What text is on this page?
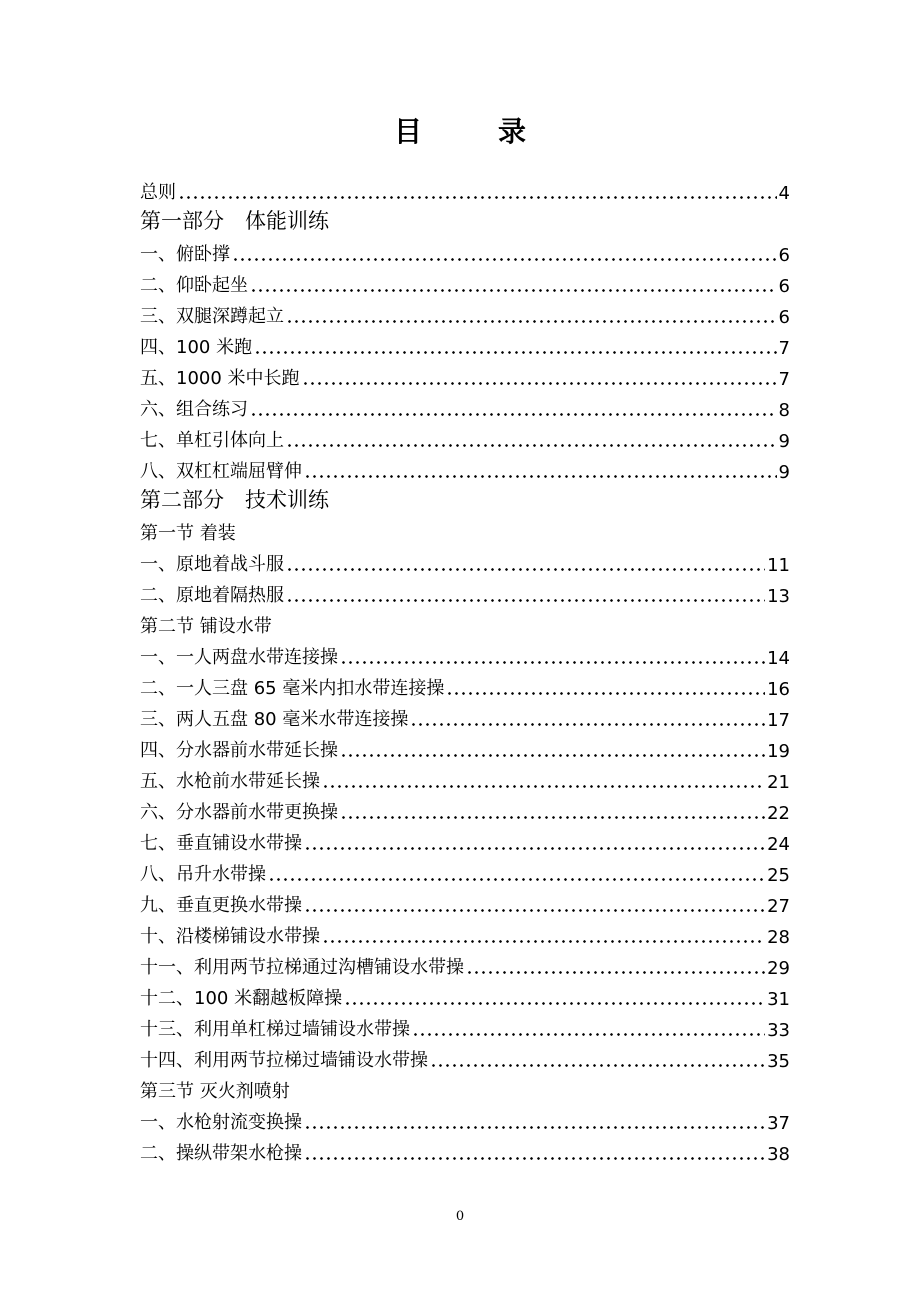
目　录
总则	4
第一部分　体能训练
一、俯卧撑	6
二、仰卧起坐	6
三、双腿深蹲起立	6
四、100 米跑	7
五、1000 米中长跑	7
六、组合练习	8
七、单杠引体向上	9
八、双杠杠端屈臂伸	9
第二部分　技术训练
第一节 着装
一、原地着战斗服	11
二、原地着隔热服	13
第二节 铺设水带
一、一人两盘水带连接操	14
二、一人三盘 65 毫米内扣水带连接操	16
三、两人五盘 80 毫米水带连接操	17
四、分水器前水带延长操	19
五、水枪前水带延长操	21
六、分水器前水带更换操	22
七、垂直铺设水带操	24
八、吊升水带操	25
九、垂直更换水带操	27
十、沿楼梯铺设水带操	28
十一、利用两节拉梯通过沟槽铺设水带操	29
十二、100 米翻越板障操	31
十三、利用单杠梯过墙铺设水带操	33
十四、利用两节拉梯过墙铺设水带操	35
第三节 灭火剂喷射
一、水枪射流变换操	37
二、操纵带架水枪操	38
0
